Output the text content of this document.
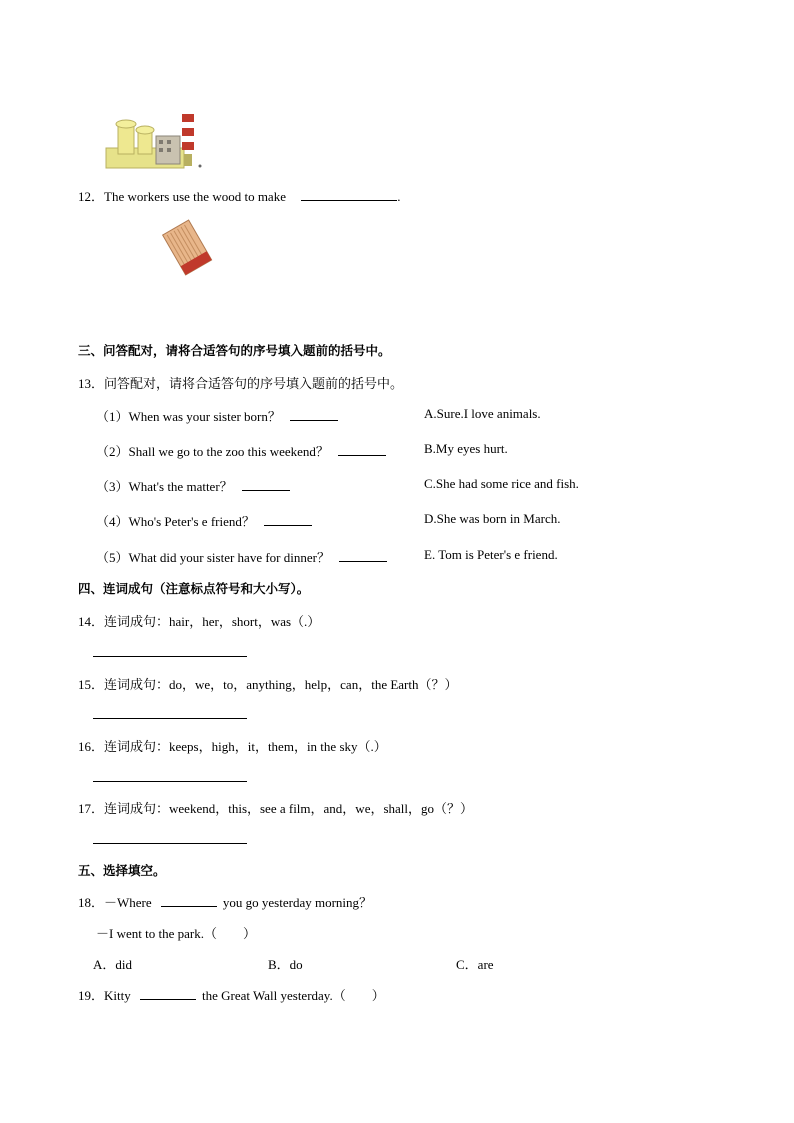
12．The workers use the wood to make	.
三、问答配对，请将合适答句的序号填入题前的括号中。
13．问答配对，请将合适答句的序号填入题前的括号中。
（1）When was your sister born？	A.Sure.I love animals.
（2）Shall we go to the zoo this weekend？	B.My eyes hurt.
（3）What's the matter？	C.She had some rice and fish.
（4）Who's Peter's e friend？	D.She was born in March.
（5）What did your sister have for dinner？	E. Tom is Peter's e friend.
四、连词成句（注意标点符号和大小写）。
14．连词成句：hair，her，short，was（.）
15．连词成句：do，we，to，anything，help，can，the Earth（？）
16．连词成句：keeps，high，it，them，in the sky（.）
17．连词成句：weekend，this，see a film，and，we，shall，go（？）
五、选择填空。
18．－Where	you go yesterday morning？
－I went to the park.（　　）
A．did	B．do	C．are
19．Kitty	the Great Wall yesterday.（　　）
